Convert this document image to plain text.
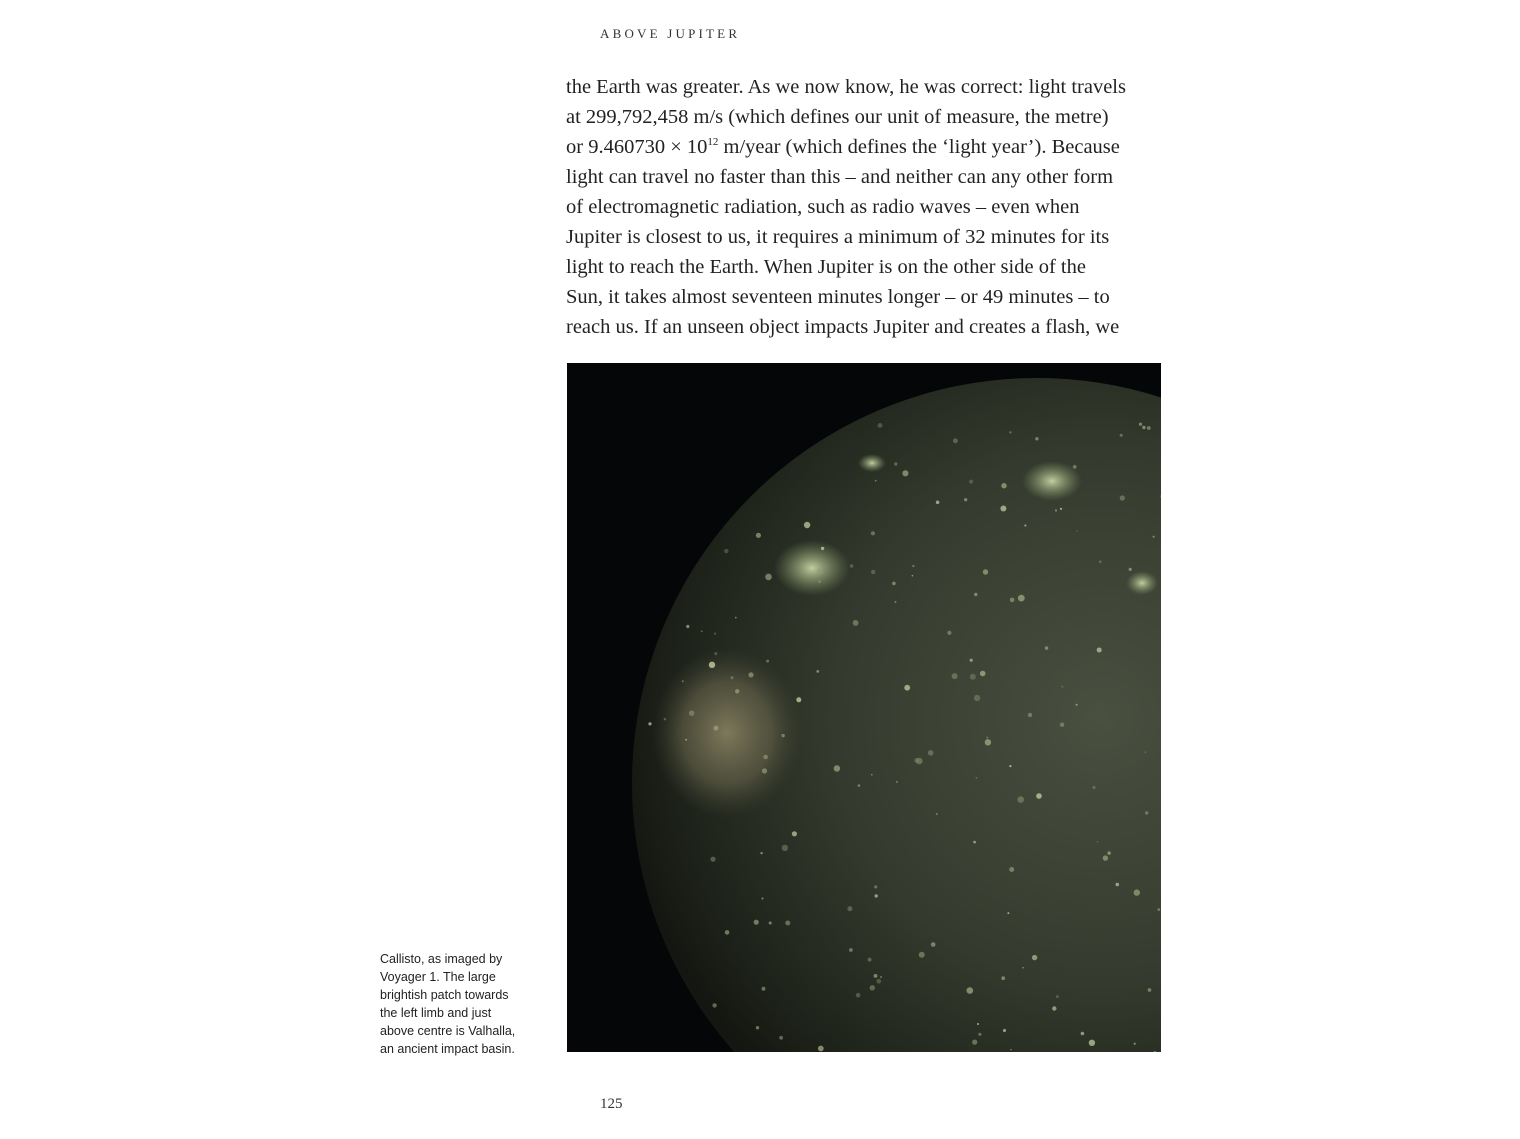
ABOVE JUPITER
the Earth was greater. As we now know, he was correct: light travels
at 299,792,458 m/s (which defines our unit of measure, the metre)
or $9.460730 \times 10^{12}$ m/year (which defines the ‘light year’). Because
light can travel no faster than this – and neither can any other form
of electromagnetic radiation, such as radio waves – even when
Jupiter is closest to us, it requires a minimum of 32 minutes for its
light to reach the Earth. When Jupiter is on the other side of the
Sun, it takes almost seventeen minutes longer – or 49 minutes – to
reach us. If an unseen object impacts Jupiter and creates a flash, we
Callisto, as imaged by
Voyager 1. The large
brightish patch towards
the left limb and just
above centre is Valhalla,
an ancient impact basin.
125
